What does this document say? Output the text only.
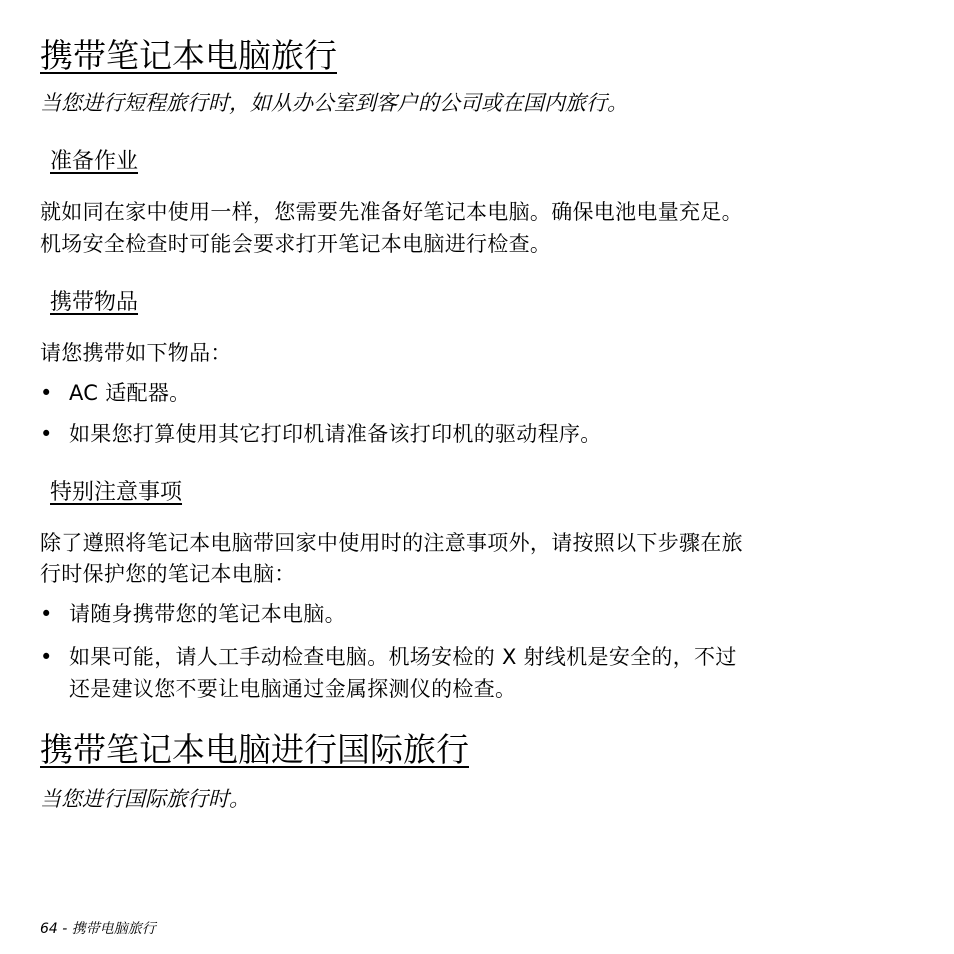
携带笔记本电脑旅行
当您进行短程旅行时，如从办公室到客户的公司或在国内旅行。
准备作业
就如同在家中使用一样，您需要先准备好笔记本电脑。确保电池电量充足。
机场安全检查时可能会要求打开笔记本电脑进行检查。
携带物品
请您携带如下物品：
• AC 适配器。
• 如果您打算使用其它打印机请准备该打印机的驱动程序。
特别注意事项
除了遵照将笔记本电脑带回家中使用时的注意事项外，请按照以下步骤在旅
行时保护您的笔记本电脑：
• 请随身携带您的笔记本电脑。
• 如果可能，请人工手动检查电脑。机场安检的 X 射线机是安全的，不过
还是建议您不要让电脑通过金属探测仪的检查。
携带笔记本电脑进行国际旅行
当您进行国际旅行时。
64 - 携带电脑旅行
